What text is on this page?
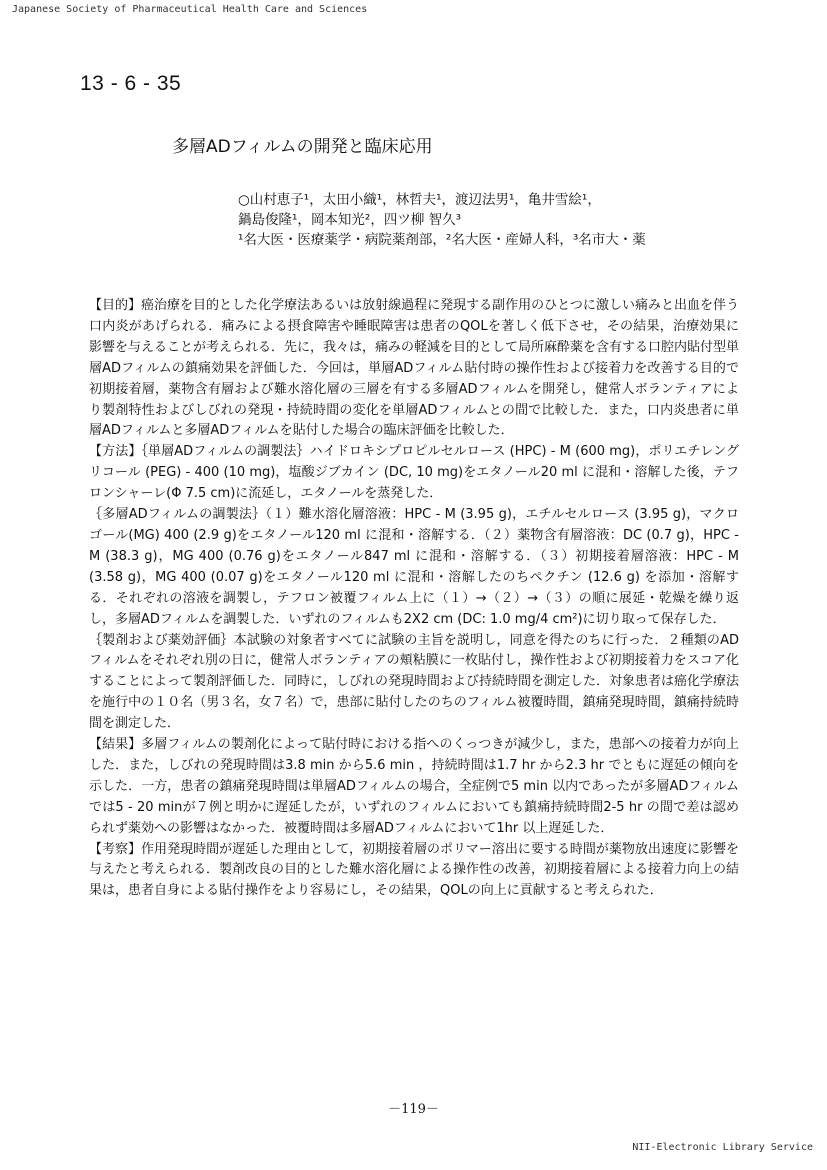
Japanese Society of Pharmaceutical Health Care and Sciences
13 - 6 - 35
多層ADフィルムの開発と臨床応用
○山村恵子¹，太田小織¹，林哲夫¹，渡辺法男¹，亀井雪絵¹，
鍋島俊隆¹，岡本知光²，四ツ柳 智久³
¹名大医・医療薬学・病院薬剤部，²名大医・産婦人科，³名市大・薬

【目的】癌治療を目的とした化学療法あるいは放射線過程に発現する副作用のひとつに激しい痛みと出血を伴う口内炎があげられる．痛みによる摂食障害や睡眠障害は患者のQOLを著しく低下させ，その結果，治療効果に影響を与えることが考えられる．先に，我々は，痛みの軽減を目的として局所麻酔薬を含有する口腔内貼付型単層ADフィルムの鎮痛効果を評価した．今回は，単層ADフィルム貼付時の操作性および接着力を改善する目的で初期接着層，薬物含有層および難水溶化層の三層を有する多層ADフィルムを開発し，健常人ボランティアにより製剤特性およびしびれの発現・持続時間の変化を単層ADフィルムとの間で比較した．また，口内炎患者に単層ADフィルムと多層ADフィルムを貼付した場合の臨床評価を比較した．

【方法】｛単層ADフィルムの調製法｝ハイドロキシプロピルセルロース (HPC) - M (600 mg)，ポリエチレングリコール (PEG) - 400 (10 mg)，塩酸ジブカイン (DC, 10 mg)をエタノール20 ml に混和・溶解した後，テフロンシャーレ(Φ 7.5 cm)に流延し，エタノールを蒸発した．

｛多層ADフィルムの調製法｝（１）難水溶化層溶液：HPC - M (3.95 g)，エチルセルロース (3.95 g)，マクロゴール(MG) 400 (2.9 g)をエタノール120 ml に混和・溶解する．（２）薬物含有層溶液：DC (0.7 g)，HPC - M (38.3 g)，MG 400 (0.76 g)をエタノール847 ml に混和・溶解する．（３）初期接着層溶液：HPC - M (3.58 g)，MG 400 (0.07 g)をエタノール120 ml に混和・溶解したのちペクチン (12.6 g) を添加・溶解する．それぞれの溶液を調製し，テフロン被覆フィルム上に（１）→（２）→（３）の順に展延・乾燥を繰り返し，多層ADフィルムを調製した．いずれのフィルムも2X2 cm (DC: 1.0 mg/4 cm²)に切り取って保存した．

｛製剤および薬効評価｝本試験の対象者すべてに試験の主旨を説明し，同意を得たのちに行った．２種類のADフィルムをそれぞれ別の日に，健常人ボランティアの頬粘膜に一枚貼付し，操作性および初期接着力をスコア化することによって製剤評価した．同時に，しびれの発現時間および持続時間を測定した．対象患者は癌化学療法を施行中の１０名（男３名，女７名）で，患部に貼付したのちのフィルム被覆時間，鎮痛発現時間，鎮痛持続時間を測定した．

【結果】多層フィルムの製剤化によって貼付時における指へのくっつきが減少し，また，患部への接着力が向上した．また，しびれの発現時間は3.8 min から5.6 min ，持続時間は1.7 hr から2.3 hr でともに遅延の傾向を示した．一方，患者の鎮痛発現時間は単層ADフィルムの場合，全症例で5 min 以内であったが多層ADフィルムでは5 - 20 minが７例と明かに遅延したが，いずれのフィルムにおいても鎮痛持続時間2-5 hr の間で差は認められず薬効への影響はなかった．被覆時間は多層ADフィルムにおいて1hr 以上遅延した．

【考察】作用発現時間が遅延した理由として，初期接着層のポリマー溶出に要する時間が薬物放出速度に影響を与えたと考えられる．製剤改良の目的とした難水溶化層による操作性の改善，初期接着層による接着力向上の結果は，患者自身による貼付操作をより容易にし，その結果，QOLの向上に貢献すると考えられた．

－119－
NII-Electronic Library Service
